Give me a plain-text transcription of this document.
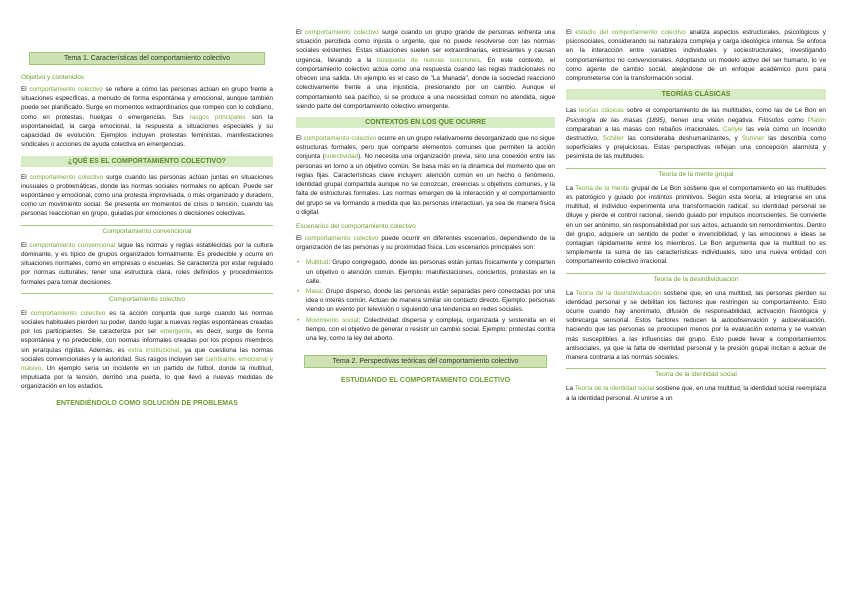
Tema 1. Características del comportamiento colectivo
Objetivo y contenidos

El comportamiento colectivo se refiere a cómo las personas actúan en grupo frente a situaciones específicas, a menudo de forma espontánea y emocional, aunque también puede ser planificado. Surge en momentos extraordinarios que rompen con lo cotidiano, como en protestas, huelgas o emergencias. Sus rasgos principales son la espontaneidad, la carga emocional, la respuesta a situaciones especiales y su capacidad de evolución. Ejemplos incluyen protestas feministas, manifestaciones sindicales o acciones de ayuda colectiva en emergencias.

¿QUÉ ES EL COMPORTAMIENTO COLECTIVO?

El comportamiento colectivo surge cuando las personas actúan juntas en situaciones inusuales o problemáticas, donde las normas sociales normales no aplican. Puede ser espontáneo y emocional, como una protesta improvisada, o más organizado y duradero, como un movimiento social. Se presenta en momentos de crisis o tensión, cuando las personas reaccionan en grupo, guiadas por emociones o decisiones colectivas.

Comportamiento convencional

El comportamiento convencional sigue las normas y reglas establecidas por la cultura dominante, y es típico de grupos organizados formalmente. Es predecible y ocurre en situaciones normales, como en empresas o escuelas. Se caracteriza por estar regulado por normas culturales, tener una estructura clara, roles definidos y procedimientos formales para tomar decisiones.

Comportamiento colectivo

El comportamiento colectivo es la acción conjunta que surge cuando las normas sociales habituales pierden su poder, dando lugar a nuevas reglas espontáneas creadas por los participantes. Se caracteriza por ser emergente, es decir, surge de forma espontánea y no predecible, con normas informales creadas por los propios miembros sin jerarquías rígidas. Además, es extra institucional, ya que cuestiona las normas sociales convencionales y la autoridad. Sus rasgos incluyen ser cambiante, emocional y masivo. Un ejemplo sería un incidente en un partido de fútbol, donde la multitud, impulsada por la tensión, derribó una puerta, lo que llevó a nuevas medidas de organización en los estadios.

ENTENDIÉNDOLO COMO SOLUCIÓN DE PROBLEMAS

El comportamiento colectivo surge cuando un grupo grande de personas enfrenta una situación percibida como injusta o urgente, que no puede resolverse con las normas sociales existentes. Estas situaciones suelen ser extraordinarias, estresantes y causan urgencia, llevando a la búsqueda de nuevas soluciones. En este contexto, el comportamiento colectivo actúa como una respuesta cuando las reglas tradicionales no ofrecen una salida. Un ejemplo es el caso de "La Manada", donde la sociedad reaccionó colectivamente frente a una injusticia, presionando por un cambio. Aunque el comportamiento sea pacífico, si se produce a una necesidad común no atendida, sigue siendo parte del comportamiento colectivo emergente.

CONTEXTOS EN LOS QUE OCURRE

El comportamiento colectivo ocurre en un grupo relativamente desorganizado que no sigue estructuras formales, pero que comparte elementos comunes que permiten la acción conjunta (colectividad). No necesita una organización previa, sino una conexión entre las personas en torno a un objetivo común. Se basa más en la dinámica del momento que en reglas fijas. Características clave incluyen: atención común en un hecho o fenómeno, identidad grupal compartida aunque no se conozcan, creencias u objetivos comunes, y la falta de estructuras formales. Las normas emergen de la interacción y el comportamiento del grupo se va formando a medida que las personas interactúan, ya sea de manera física o digital.

Escenarios del comportamiento colectivo

El comportamiento colectivo puede ocurrir en diferentes escenarios, dependiendo de la organización de las personas y su proximidad física. Los escenarios principales son:

• Multitud: Grupo congregado, donde las personas están juntas físicamente y comparten un objetivo o atención común. Ejemplo: manifestaciones, conciertos, protestas en la calle.
• Masa: Grupo disperso, donde las personas están separadas pero conectadas por una idea o interés común. Actúan de manera similar sin contacto directo. Ejemplo: personas viendo un evento por televisión o siguiendo una tendencia en redes sociales.
• Movimiento social: Colectividad dispersa y compleja, organizada y sostenida en el tiempo, con el objetivo de generar o resistir un cambio social. Ejemplo: protestas contra una ley, como la ley del aborto.
Tema 2. Perspectivas teóricas del comportamiento colectivo
ESTUDIANDO EL COMPORTAMIENTO COLECTIVO

El estudio del comportamiento colectivo analiza aspectos estructurales, psicológicos y psicosociales, considerando su naturaleza compleja y carga ideológica intensa. Se enfoca en la interacción entre variables individuales y sociestructurales, investigando comportamientos no convencionales. Adoptando un modelo activo del ser humano, lo ve como agente de cambio social, alejándose de un enfoque académico puro para comprometerse con la transformación social.

TEORÍAS CLÁSICAS

Las teorías clásicas sobre el comportamiento de las multitudes, como las de Le Bon en Psicología de las masas (1895), tienen una visión negativa. Filósofos como Platón comparaban a las masas con rebaños irracionales, Carlyle las veía como un incendio destructivo, Schiller las consideraba deshumanizantes, y Sumner las describía como superficiales y prejuiciosas. Estas perspectivas reflejan una concepción alarmista y pesimista de las multitudes.

Teoría de la mente grupal

La Teoría de la mente grupal de Le Bon sostiene que el comportamiento en las multitudes es patológico y guiado por instintos primitivos. Según esta teoría, al integrarse en una multitud, el individuo experimenta una transformación radical: su identidad personal se diluye y pierde el control racional, siendo guiado por impulsos inconscientes. Se convierte en un ser anónimo, sin responsabilidad por sus actos, actuando sin remordimientos. Dentro del grupo, adquiere un sentido de poder e invencibilidad, y las emociones e ideas se contagian rápidamente entre los miembros. Le Bon argumenta que la multitud no es simplemente la suma de las características individuales, sino una nueva entidad con comportamiento colectivo irracional.

Teoría de la desindividuación

La Teoría de la desindividuación sostiene que, en una multitud, las personas pierden su identidad personal y se debilitan los factores que restringen su comportamiento. Esto ocurre cuando hay anonimato, difusión de responsabilidad, activación fisiológica y sobrecarga sensorial. Estos factores reducen la autoobservación y autoevaluación, haciendo que las personas se preocupen menos por la evaluación externa y se vuelvan más susceptibles a las influencias del grupo. Esto puede llevar a comportamientos antisociales, ya que la falta de identidad personal y la presión grupal incitan a actuar de manera contraria a las normas sociales.

Teoría de la identidad social

La Teoría de la identidad social sostiene que, en una multitud, la identidad social reemplaza a la identidad personal. Al unirse a un
